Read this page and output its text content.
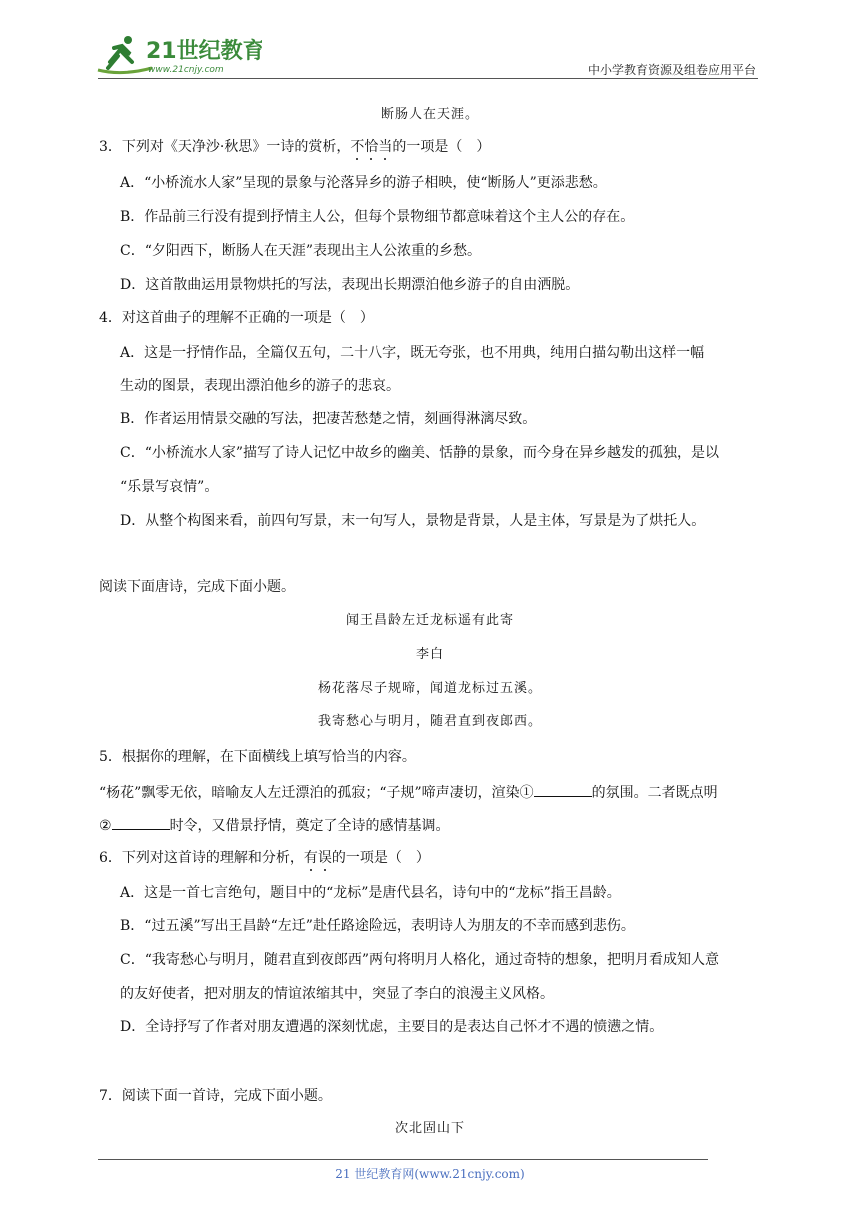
21世纪教育
www.21cnjy.com	中小学教育资源及组卷应用平台
断肠人在天涯。
3．下列对《天净沙·秋思》一诗的赏析，不恰当的一项是（　）
A．“小桥流水人家”呈现的景象与沦落异乡的游子相映，使“断肠人”更添悲愁。
B．作品前三行没有提到抒情主人公，但每个景物细节都意味着这个主人公的存在。
C．“夕阳西下，断肠人在天涯”表现出主人公浓重的乡愁。
D．这首散曲运用景物烘托的写法，表现出长期漂泊他乡游子的自由洒脱。
4．对这首曲子的理解不正确的一项是（　）
A．这是一抒情作品，全篇仅五句，二十八字，既无夸张，也不用典，纯用白描勾勒出这样一幅
生动的图景，表现出漂泊他乡的游子的悲哀。
B．作者运用情景交融的写法，把凄苦愁楚之情，刻画得淋漓尽致。
C．“小桥流水人家”描写了诗人记忆中故乡的幽美、恬静的景象，而今身在异乡越发的孤独，是以
“乐景写哀情”。
D．从整个构图来看，前四句写景，末一句写人，景物是背景，人是主体，写景是为了烘托人。
阅读下面唐诗，完成下面小题。
闻王昌龄左迁龙标遥有此寄
李白
杨花落尽子规啼，闻道龙标过五溪。
我寄愁心与明月，随君直到夜郎西。
5．根据你的理解，在下面横线上填写恰当的内容。
“杨花”飘零无依，暗喻友人左迁漂泊的孤寂；“子规”啼声凄切，渲染①	的氛围。二者既点明
②	时令，又借景抒情，奠定了全诗的感情基调。
6．下列对这首诗的理解和分析，有误的一项是（　）
A．这是一首七言绝句，题目中的“龙标”是唐代县名，诗句中的“龙标”指王昌龄。
B．“过五溪”写出王昌龄“左迁”赴任路途险远，表明诗人为朋友的不幸而感到悲伤。
C．“我寄愁心与明月，随君直到夜郎西”两句将明月人格化，通过奇特的想象，把明月看成知人意
的友好使者，把对朋友的情谊浓缩其中，突显了李白的浪漫主义风格。
D．全诗抒写了作者对朋友遭遇的深刻忧虑，主要目的是表达自己怀才不遇的愤懑之情。
7．阅读下面一首诗，完成下面小题。
次北固山下
21 世纪教育网(www.21cnjy.com)
